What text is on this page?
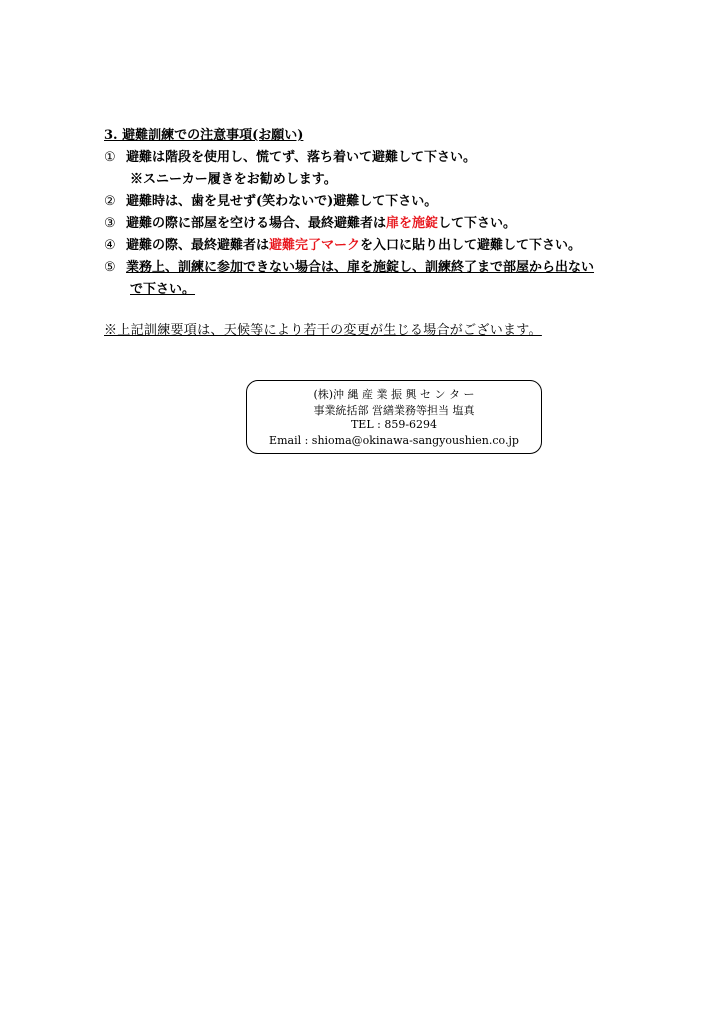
3. 避難訓練での注意事項(お願い)
① 避難は階段を使用し、慌てず、落ち着いて避難して下さい。
※スニーカー履きをお勧めします。
② 避難時は、歯を見せず(笑わないで)避難して下さい。
③ 避難の際に部屋を空ける場合、最終避難者は扉を施錠して下さい。
④ 避難の際、最終避難者は避難完了マークを入口に貼り出して避難して下さい。
⑤ 業務上、訓練に参加できない場合は、扉を施錠し、訓練終了まで部屋から出ない
で下さい。
※上記訓練要項は、天候等により若干の変更が生じる場合がございます。
(株)沖 縄 産 業 振 興 セ ン タ ー
事業統括部 営繕業務等担当 塩真
TEL : 859-6294
Email : shioma@okinawa-sangyoushien.co.jp
